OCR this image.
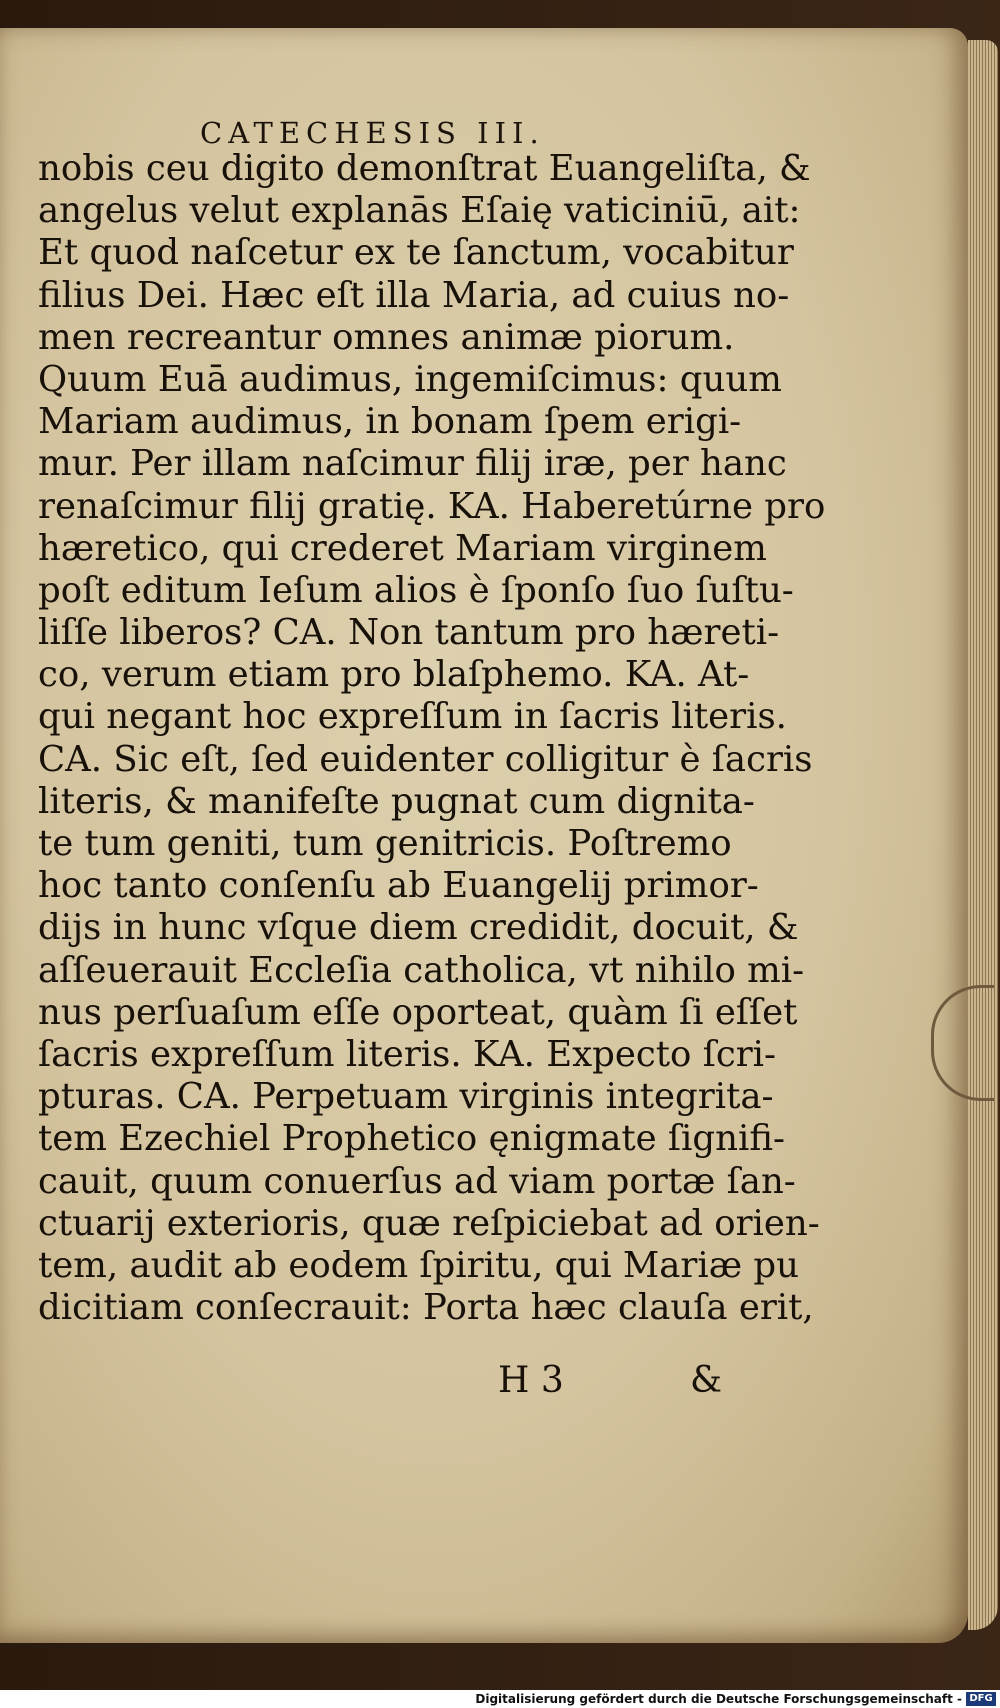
CATECHESIS III.
nobis ceu digito demonſtrat Euangeliſta, &
angelus velut explanās Eſaię vaticiniū, ait:
Et quod naſcetur ex te ſanctum, vocabitur
filius Dei. Hæc eſt illa Maria, ad cuius no-
men recreantur omnes animæ piorum.
Quum Euā audimus, ingemiſcimus: quum
Mariam audimus, in bonam ſpem erigi-
mur. Per illam naſcimur filij iræ, per hanc
renaſcimur filij gratię. KA. Haberetúrne pro
hæretico, qui crederet Mariam virginem
poſt editum Ieſum alios è ſponſo ſuo ſuſtu-
liſſe liberos? CA. Non tantum pro hæreti-
co, verum etiam pro blaſphemo. KA. At-
qui negant hoc expreſſum in ſacris literis.
CA. Sic eſt, ſed euidenter colligitur è ſacris
literis, & manifeſte pugnat cum dignita-
te tum geniti, tum genitricis. Poſtremo
hoc tanto conſenſu ab Euangelij primor-
dijs in hunc vſque diem credidit, docuit, &
aſſeuerauit Eccleſia catholica, vt nihilo mi-
nus perſuaſum eſſe oporteat, quàm ſi eſſet
ſacris expreſſum literis. KA. Expecto ſcri-
pturas. CA. Perpetuam virginis integrita-
tem Ezechiel Prophetico ęnigmate ſignifi-
cauit, quum conuerſus ad viam portæ ſan-
ctuarij exterioris, quæ reſpiciebat ad orien-
tem, audit ab eodem ſpiritu, qui Mariæ pu
dicitiam conſecrauit: Porta hæc clauſa erit,
H 3	&
Digitalisierung gefördert durch die Deutsche Forschungsgemeinschaft - DFG
